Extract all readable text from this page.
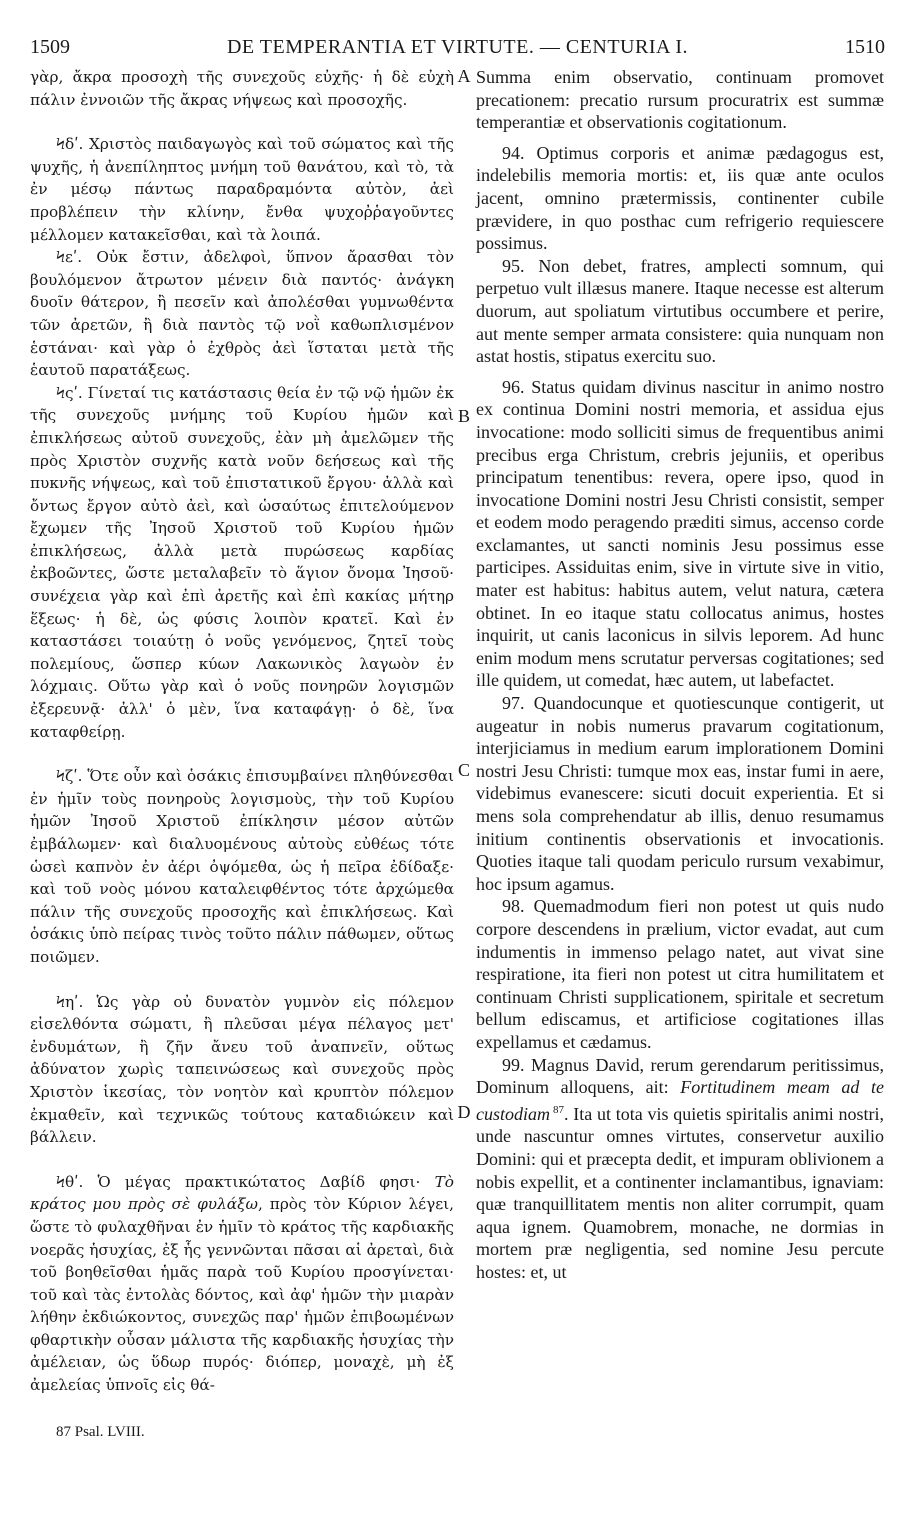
1509	DE TEMPERANTIA ET VIRTUTE. — CENTURIA I.	1510
A
B
C
D

γὰρ, ἄκρα προσοχὴ τῆς συνεχοῦς εὐχῆς· ἡ δὲ εὐχὴ πάλιν ἐννοιῶν τῆς ἄκρας νήψεως καὶ προσοχῆς.

Ϟδʹ. Χριστὸς παιδαγωγὸς καὶ τοῦ σώματος καὶ τῆς ψυχῆς, ἡ ἀνεπίληπτος μνήμη τοῦ θανάτου, καὶ τὸ, τὰ ἐν μέσῳ πάντως παραδραμόντα αὐτὸν, ἀεὶ προβλέπειν τὴν κλίνην, ἔνθα ψυχοῤῥαγοῦντες μέλλομεν κατακεῖσθαι, καὶ τὰ λοιπά.

Ϟεʹ. Οὐκ ἔστιν, ἀδελφοὶ, ὕπνον ἄρασθαι τὸν βουλόμενον ἄτρωτον μένειν διὰ παντός· ἀνάγκη δυοῖν θάτερον, ἢ πεσεῖν καὶ ἀπολέσθαι γυμνωθέντα τῶν ἀρετῶν, ἢ διὰ παντὸς τῷ νοῒ καθωπλισμένον ἑστάναι· καὶ γὰρ ὁ ἐχθρὸς ἀεὶ ἵσταται μετὰ τῆς ἑαυτοῦ παρατάξεως.

Ϟςʹ. Γίνεταί τις κατάστασις θεία ἐν τῷ νῷ ἡμῶν ἐκ τῆς συνεχοῦς μνήμης τοῦ Κυρίου ἡμῶν καὶ ἐπικλήσεως αὐτοῦ συνεχοῦς, ἐὰν μὴ ἀμελῶμεν τῆς πρὸς Χριστὸν συχνῆς κατὰ νοῦν δεήσεως καὶ τῆς πυκνῆς νήψεως, καὶ τοῦ ἐπιστατικοῦ ἔργου· ἀλλὰ καὶ ὄντως ἔργον αὐτὸ ἀεὶ, καὶ ὡσαύτως ἐπιτελούμενον ἔχωμεν τῆς Ἰησοῦ Χριστοῦ τοῦ Κυρίου ἡμῶν ἐπικλήσεως, ἀλλὰ μετὰ πυρώσεως καρδίας ἐκβοῶντες, ὥστε μεταλαβεῖν τὸ ἅγιον ὄνομα Ἰησοῦ· συνέχεια γὰρ καὶ ἐπὶ ἀρετῆς καὶ ἐπὶ κακίας μήτηρ ἕξεως· ἡ δὲ, ὡς φύσις λοιπὸν κρατεῖ. Καὶ ἐν καταστάσει τοιαύτῃ ὁ νοῦς γενόμενος, ζητεῖ τοὺς πολεμίους, ὥσπερ κύων Λακωνικὸς λαγωὸν ἐν λόχμαις. Οὕτω γὰρ καὶ ὁ νοῦς πονηρῶν λογισμῶν ἐξερευνᾷ· ἀλλ' ὁ μὲν, ἵνα καταφάγῃ· ὁ δὲ, ἵνα καταφθείρῃ.

Ϟζʹ. Ὅτε οὖν καὶ ὁσάκις ἐπισυμβαίνει πληθύνεσθαι ἐν ἡμῖν τοὺς πονηροὺς λογισμοὺς, τὴν τοῦ Κυρίου ἡμῶν Ἰησοῦ Χριστοῦ ἐπίκλησιν μέσον αὐτῶν ἐμβάλωμεν· καὶ διαλυομένους αὐτοὺς εὐθέως τότε ὡσεὶ καπνὸν ἐν ἀέρι ὀψόμεθα, ὡς ἡ πεῖρα ἐδίδαξε· καὶ τοῦ νοὸς μόνου καταλειφθέντος τότε ἀρχώμεθα πάλιν τῆς συνεχοῦς προσοχῆς καὶ ἐπικλήσεως. Καὶ ὁσάκις ὑπὸ πείρας τινὸς τοῦτο πάλιν πάθωμεν, οὕτως ποιῶμεν.

Ϟηʹ. Ὡς γὰρ οὐ δυνατὸν γυμνὸν εἰς πόλεμον εἰσελθόντα σώματι, ἢ πλεῦσαι μέγα πέλαγος μετ' ἐνδυμάτων, ἢ ζῆν ἄνευ τοῦ ἀναπνεῖν, οὕτως ἀδύνατον χωρὶς ταπεινώσεως καὶ συνεχοῦς πρὸς Χριστὸν ἱκεσίας, τὸν νοητὸν καὶ κρυπτὸν πόλεμον ἐκμαθεῖν, καὶ τεχνικῶς τούτους καταδιώκειν καὶ βάλλειν.

Ϟθʹ. Ὁ μέγας πρακτικώτατος Δαβίδ φησι· Τὸ κράτος μου πρὸς σὲ φυλάξω, πρὸς τὸν Κύριον λέγει, ὥστε τὸ φυλαχθῆναι ἐν ἡμῖν τὸ κράτος τῆς καρδιακῆς νοερᾶς ἡσυχίας, ἐξ ἧς γεννῶνται πᾶσαι αἱ ἀρεταὶ, διὰ τοῦ βοηθεῖσθαι ἡμᾶς παρὰ τοῦ Κυρίου προσγίνεται· τοῦ καὶ τὰς ἐντολὰς δόντος, καὶ ἀφ' ἡμῶν τὴν μιαρὰν λήθην ἐκδιώκοντος, συνεχῶς παρ' ἡμῶν ἐπιβοωμένων φθαρτικὴν οὖσαν μάλιστα τῆς καρδιακῆς ἡσυχίας τὴν ἀμέλειαν, ὡς ὕδωρ πυρός· διόπερ, μοναχὲ, μὴ ἐξ ἀμελείας ὑπνοῖς εἰς θά-

Summa enim observatio, continuam promovet precationem: precatio rursum procuratrix est summæ temperantiæ et observationis cogitationum.

94. Optimus corporis et animæ pædagogus est, indelebilis memoria mortis: et, iis quæ ante oculos jacent, omnino prætermissis, continenter cubile prævidere, in quo posthac cum refrigerio requiescere possimus.

95. Non debet, fratres, amplecti somnum, qui perpetuo vult illæsus manere. Itaque necesse est alterum duorum, aut spoliatum virtutibus occumbere et perire, aut mente semper armata consistere: quia nunquam non astat hostis, stipatus exercitu suo.

96. Status quidam divinus nascitur in animo nostro ex continua Domini nostri memoria, et assidua ejus invocatione: modo solliciti simus de frequentibus animi precibus erga Christum, crebris jejuniis, et operibus principatum tenentibus: revera, opere ipso, quod in invocatione Domini nostri Jesu Christi consistit, semper et eodem modo peragendo præditi simus, accenso corde exclamantes, ut sancti nominis Jesu possimus esse participes. Assiduitas enim, sive in virtute sive in vitio, mater est habitus: habitus autem, velut natura, cætera obtinet. In eo itaque statu collocatus animus, hostes inquirit, ut canis laconicus in silvis leporem. Ad hunc enim modum mens scrutatur perversas cogitationes; sed ille quidem, ut comedat, hæc autem, ut labefactet.

97. Quandocunque et quotiescunque contigerit, ut augeatur in nobis numerus pravarum cogitationum, interjiciamus in medium earum implorationem Domini nostri Jesu Christi: tumque mox eas, instar fumi in aere, videbimus evanescere: sicuti docuit experientia. Et si mens sola comprehendatur ab illis, denuo resumamus initium continentis observationis et invocationis. Quoties itaque tali quodam periculo rursum vexabimur, hoc ipsum agamus.

98. Quemadmodum fieri non potest ut quis nudo corpore descendens in prælium, victor evadat, aut cum indumentis in immenso pelago natet, aut vivat sine respiratione, ita fieri non potest ut citra humilitatem et continuam Christi supplicationem, spiritale et secretum bellum ediscamus, et artificiose cogitationes illas expellamus et cædamus.

99. Magnus David, rerum gerendarum peritissimus, Dominum alloquens, ait: Fortitudinem meam ad te custodiam $^{87}$. Ita ut tota vis quietis spiritalis animi nostri, unde nascuntur omnes virtutes, conservetur auxilio Domini: qui et præcepta dedit, et impuram oblivionem a nobis expellit, et a continenter inclamantibus, ignaviam: quæ tranquillitatem mentis non aliter corrumpit, quam aqua ignem. Quamobrem, monache, ne dormias in mortem præ negligentia, sed nomine Jesu percute hostes: et, ut

87 Psal. LVIII.
